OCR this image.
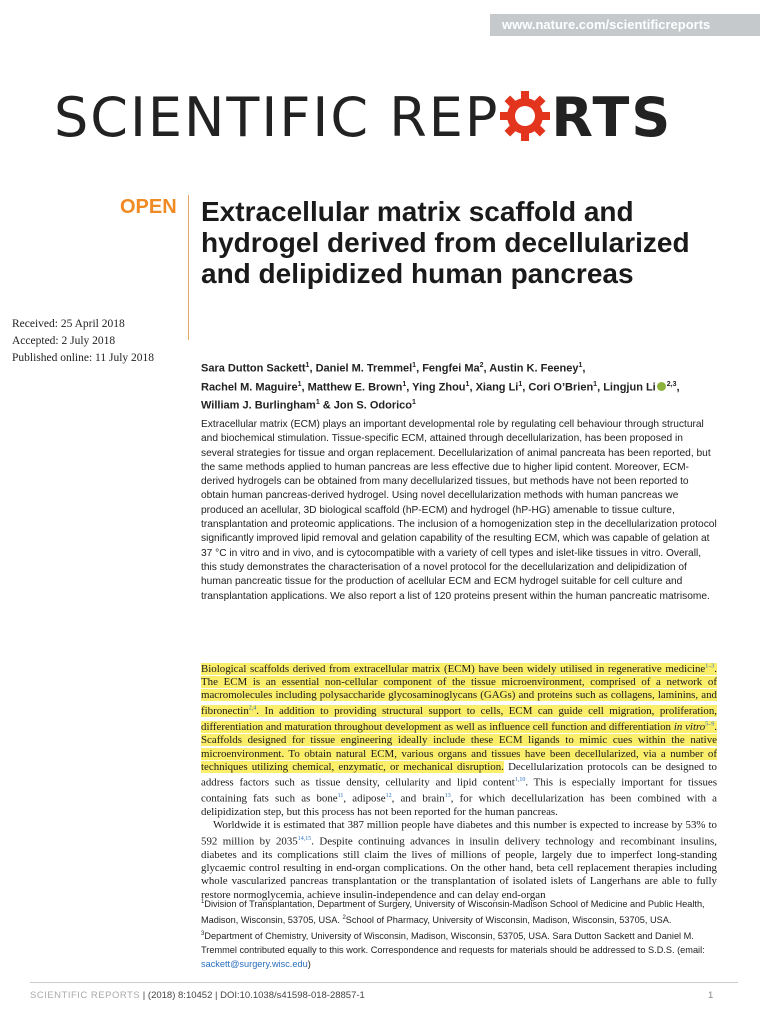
www.nature.com/scientificreports
SCIENTIFIC REP RTS
OPEN Extracellular matrix scaffold and hydrogel derived from decellularized and delipidized human pancreas
Received: 25 April 2018
Accepted: 2 July 2018
Published online: 11 July 2018
Sara Dutton Sackett$^1$, Daniel M. Tremmel$^1$, Fengfei Ma$^2$, Austin K. Feeney$^1$,
Rachel M. Maguire$^1$, Matthew E. Brown$^1$, Ying Zhou$^1$, Xiang Li$^1$, Cori O’Brien$^1$, Lingjun Li $^{2,3}$,
William J. Burlingham$^1$ & Jon S. Odorico$^1$
Extracellular matrix (ECM) plays an important developmental role by regulating cell behaviour through structural and biochemical stimulation. Tissue-specific ECM, attained through decellularization, has been proposed in several strategies for tissue and organ replacement. Decellularization of animal pancreata has been reported, but the same methods applied to human pancreas are less effective due to higher lipid content. Moreover, ECM-derived hydrogels can be obtained from many decellularized tissues, but methods have not been reported to obtain human pancreas-derived hydrogel. Using novel decellularization methods with human pancreas we produced an acellular, 3D biological scaffold (hP-ECM) and hydrogel (hP-HG) amenable to tissue culture, transplantation and proteomic applications. The inclusion of a homogenization step in the decellularization protocol significantly improved lipid removal and gelation capability of the resulting ECM, which was capable of gelation at 37 °C in vitro and in vivo, and is cytocompatible with a variety of cell types and islet-like tissues in vitro. Overall, this study demonstrates the characterisation of a novel protocol for the decellularization and delipidization of human pancreatic tissue for the production of acellular ECM and ECM hydrogel suitable for cell culture and transplantation applications. We also report a list of 120 proteins present within the human pancreatic matrisome.

Biological scaffolds derived from extracellular matrix (ECM) have been widely utilised in regenerative medicine$^{1-3}$. The ECM is an essential non-cellular component of the tissue microenvironment, comprised of a network of macromolecules including polysaccharide glycosaminoglycans (GAGs) and proteins such as collagens, laminins, and fibronectin$^{2,4}$. In addition to providing structural support to cells, ECM can guide cell migration, proliferation, differentiation and maturation throughout development as well as influence cell function and differentiation in vitro$^{5-9}$. Scaffolds designed for tissue engineering ideally include these ECM ligands to mimic cues within the native microenvironment. To obtain natural ECM, various organs and tissues have been decellularized, via a number of techniques utilizing chemical, enzymatic, or mechanical disruption. Decellularization protocols can be designed to address factors such as tissue density, cellularity and lipid content$^{1,10}$. This is especially important for tissues containing fats such as bone$^{11}$, adipose$^{12}$, and brain$^{13}$, for which decellularization has been combined with a delipidization step, but this process has not been reported for the human pancreas.

Worldwide it is estimated that 387 million people have diabetes and this number is expected to increase by 53% to 592 million by 2035$^{14,15}$. Despite continuing advances in insulin delivery technology and recombinant insulins, diabetes and its complications still claim the lives of millions of people, largely due to imperfect long-standing glycaemic control resulting in end-organ complications. On the other hand, beta cell replacement therapies including whole vascularized pancreas transplantation or the transplantation of isolated islets of Langerhans are able to fully restore normoglycemia, achieve insulin-independence and can delay end-organ

$^1$Division of Transplantation, Department of Surgery, University of Wisconsin-Madison School of Medicine and Public Health, Madison, Wisconsin, 53705, USA. $^2$School of Pharmacy, University of Wisconsin, Madison, Wisconsin, 53705, USA. $^3$Department of Chemistry, University of Wisconsin, Madison, Wisconsin, 53705, USA. Sara Dutton Sackett and Daniel M. Tremmel contributed equally to this work. Correspondence and requests for materials should be addressed to S.D.S. (email: sackett@surgery.wisc.edu)
SCIENTIFIC REPORTS | (2018) 8:10452 | DOI:10.1038/s41598-018-28857-1	1
